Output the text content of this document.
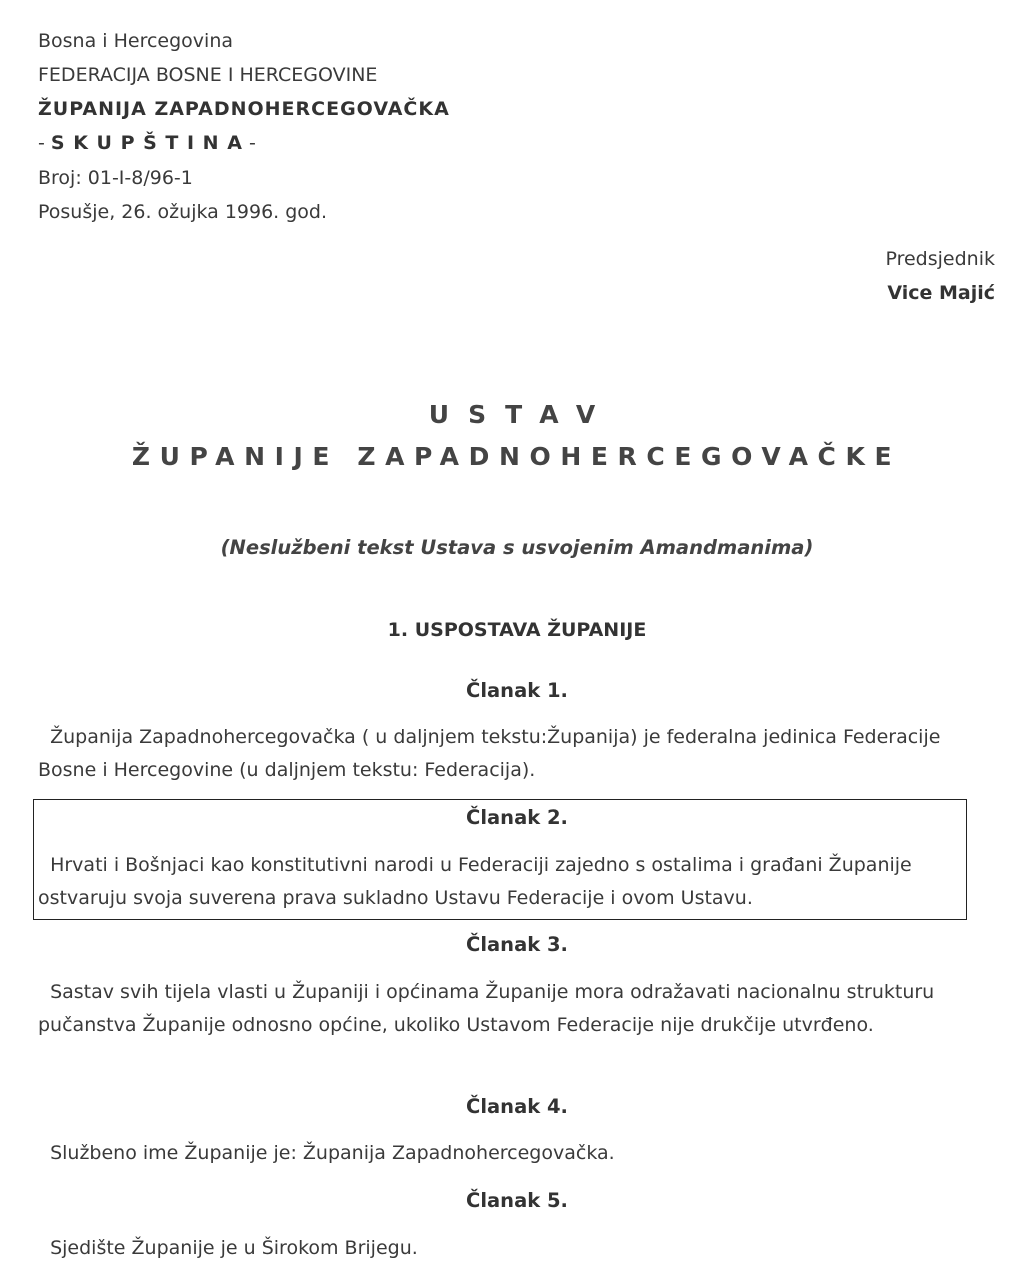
Bosna i Hercegovina
FEDERACIJA BOSNE I HERCEGOVINE
ŽUPANIJA ZAPADNOHERCEGOVAČKA
- S K U P Š T I N A -
Broj: 01-I-8/96-1
Posušje, 26. ožujka 1996. god.
Predsjednik
Vice Majić
USTAV
ŽUPANIJE ZAPADNOHERCEGOVAČKE
(Neslužbeni tekst Ustava s usvojenim Amandmanima)
1. USPOSTAVA ŽUPANIJE
Članak 1.
Županija Zapadnohercegovačka ( u daljnjem tekstu:Županija) je federalna jedinica Federacije Bosne i Hercegovine (u daljnjem tekstu: Federacija).
Članak 2.
Hrvati i Bošnjaci kao konstitutivni narodi u Federaciji zajedno s ostalima i građani Županije ostvaruju svoja suverena prava sukladno Ustavu Federacije i ovom Ustavu.
Članak 3.
Sastav svih tijela vlasti u Županiji i općinama Županije mora odražavati nacionalnu strukturu pučanstva Županije odnosno općine, ukoliko Ustavom Federacije nije drukčije utvrđeno.
Članak 4.
Službeno ime Županije je: Županija Zapadnohercegovačka.
Članak 5.
Sjedište Županije je u Širokom Brijegu.
